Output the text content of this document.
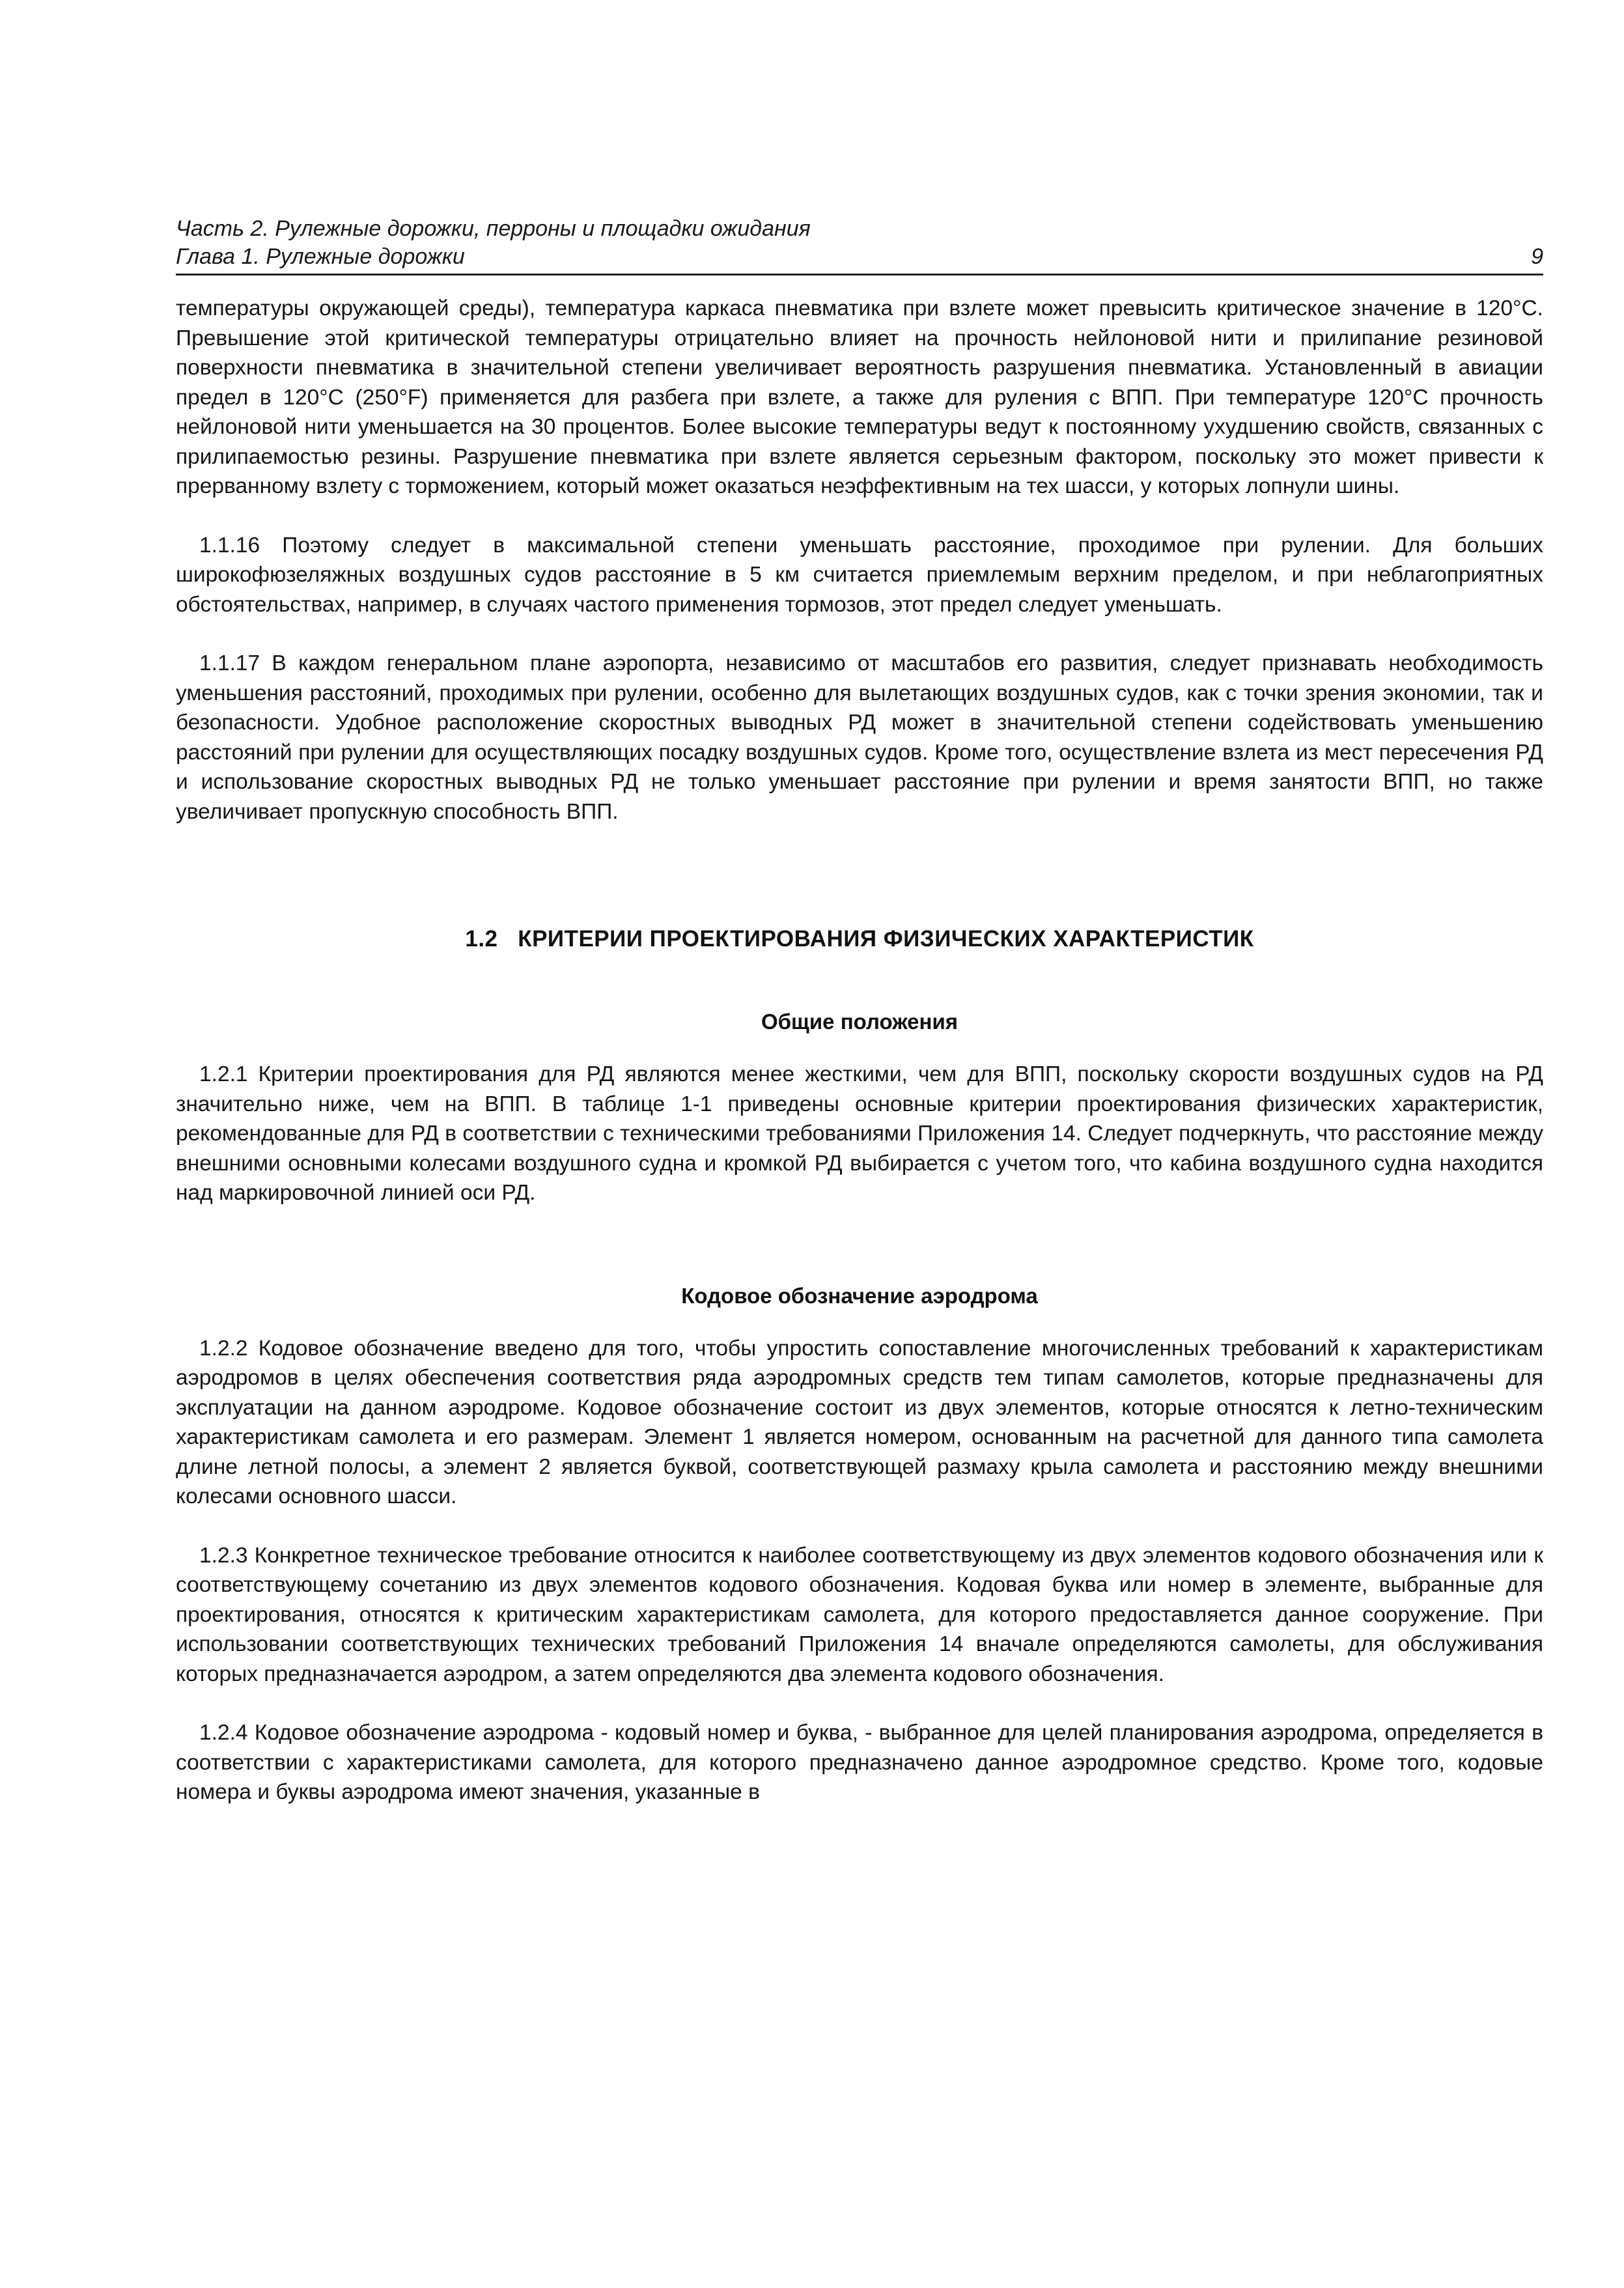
Часть 2. Рулежные дорожки, перроны и площадки ожидания
Глава 1. Рулежные дорожки	9

температуры окружающей среды), температура каркаса пневматика при взлете может превысить критическое значение в 120°C. Превышение этой критической температуры отрицательно влияет на прочность нейлоновой нити и прилипание резиновой поверхности пневматика в значительной степени увеличивает вероятность разрушения пневматика. Установленный в авиации предел в 120°C (250°F) применяется для разбега при взлете, а также для руления с ВПП. При температуре 120°C прочность нейлоновой нити уменьшается на 30 процентов. Более высокие температуры ведут к постоянному ухудшению свойств, связанных с прилипаемостью резины. Разрушение пневматика при взлете является серьезным фактором, поскольку это может привести к прерванному взлету с торможением, который может оказаться неэффективным на тех шасси, у которых лопнули шины.

1.1.16 Поэтому следует в максимальной степени уменьшать расстояние, проходимое при рулении. Для больших широкофюзеляжных воздушных судов расстояние в 5 км считается приемлемым верхним пределом, и при неблагоприятных обстоятельствах, например, в случаях частого применения тормозов, этот предел следует уменьшать.

1.1.17 В каждом генеральном плане аэропорта, независимо от масштабов его развития, следует признавать необходимость уменьшения расстояний, проходимых при рулении, особенно для вылетающих воздушных судов, как с точки зрения экономии, так и безопасности. Удобное расположение скоростных выводных РД может в значительной степени содействовать уменьшению расстояний при рулении для осуществляющих посадку воздушных судов. Кроме того, осуществление взлета из мест пересечения РД и использование скоростных выводных РД не только уменьшает расстояние при рулении и время занятости ВПП, но также увеличивает пропускную способность ВПП.

1.2 КРИТЕРИИ ПРОЕКТИРОВАНИЯ ФИЗИЧЕСКИХ ХАРАКТЕРИСТИК
Общие положения

1.2.1 Критерии проектирования для РД являются менее жесткими, чем для ВПП, поскольку скорости воздушных судов на РД значительно ниже, чем на ВПП. В таблице 1-1 приведены основные критерии проектирования физических характеристик, рекомендованные для РД в соответствии с техническими требованиями Приложения 14. Следует подчеркнуть, что расстояние между внешними основными колесами воздушного судна и кромкой РД выбирается с учетом того, что кабина воздушного судна находится над маркировочной линией оси РД.

Кодовое обозначение аэродрома

1.2.2 Кодовое обозначение введено для того, чтобы упростить сопоставление многочисленных требований к характеристикам аэродромов в целях обеспечения соответствия ряда аэродромных средств тем типам самолетов, которые предназначены для эксплуатации на данном аэродроме. Кодовое обозначение состоит из двух элементов, которые относятся к летно-техническим характеристикам самолета и его размерам. Элемент 1 является номером, основанным на расчетной для данного типа самолета длине летной полосы, а элемент 2 является буквой, соответствующей размаху крыла самолета и расстоянию между внешними колесами основного шасси.

1.2.3 Конкретное техническое требование относится к наиболее соответствующему из двух элементов кодового обозначения или к соответствующему сочетанию из двух элементов кодового обозначения. Кодовая буква или номер в элементе, выбранные для проектирования, относятся к критическим характеристикам самолета, для которого предоставляется данное сооружение. При использовании соответствующих технических требований Приложения 14 вначале определяются самолеты, для обслуживания которых предназначается аэродром, а затем определяются два элемента кодового обозначения.

1.2.4 Кодовое обозначение аэродрома - кодовый номер и буква, - выбранное для целей планирования аэродрома, определяется в соответствии с характеристиками самолета, для которого предназначено данное аэродромное средство. Кроме того, кодовые номера и буквы аэродрома имеют значения, указанные в
